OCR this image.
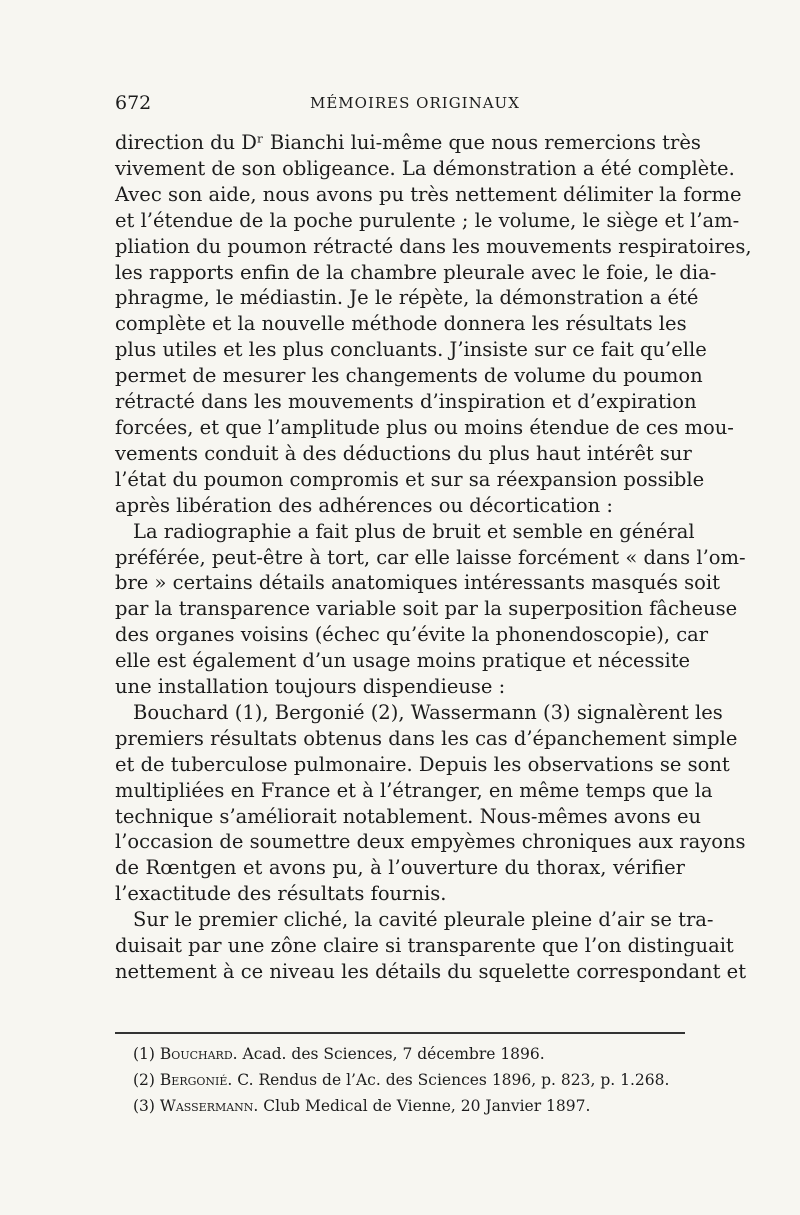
672	MÉMOIRES ORIGINAUX

direction du Dʳ Bianchi lui-même que nous remercions très
vivement de son obligeance. La démonstration a été complète.
Avec son aide, nous avons pu très nettement délimiter la forme
et l’étendue de la poche purulente ; le volume, le siège et l’am-
pliation du poumon rétracté dans les mouvements respiratoires,
les rapports enfin de la chambre pleurale avec le foie, le dia-
phragme, le médiastin. Je le répète, la démonstration a été
complète et la nouvelle méthode donnera les résultats les
plus utiles et les plus concluants. J’insiste sur ce fait qu’elle
permet de mesurer les changements de volume du poumon
rétracté dans les mouvements d’inspiration et d’expiration
forcées, et que l’amplitude plus ou moins étendue de ces mou-
vements conduit à des déductions du plus haut intérêt sur
l’état du poumon compromis et sur sa réexpansion possible
après libération des adhérences ou décortication :

La radiographie a fait plus de bruit et semble en général
préférée, peut-être à tort, car elle laisse forcément « dans l’om-
bre » certains détails anatomiques intéressants masqués soit
par la transparence variable soit par la superposition fâcheuse
des organes voisins (échec qu’évite la phonendoscopie), car
elle est également d’un usage moins pratique et nécessite
une installation toujours dispendieuse :

Bouchard (1), Bergonié (2), Wassermann (3) signalèrent les
premiers résultats obtenus dans les cas d’épanchement simple
et de tuberculose pulmonaire. Depuis les observations se sont
multipliées en France et à l’étranger, en même temps que la
technique s’améliorait notablement. Nous-mêmes avons eu
l’occasion de soumettre deux empyèmes chroniques aux rayons
de Rœntgen et avons pu, à l’ouverture du thorax, vérifier
l’exactitude des résultats fournis.

Sur le premier cliché, la cavité pleurale pleine d’air se tra-
duisait par une zône claire si transparente que l’on distinguait
nettement à ce niveau les détails du squelette correspondant et

(1) Bouchard. Acad. des Sciences, 7 décembre 1896.
(2) Bergonié. C. Rendus de l’Ac. des Sciences 1896, p. 823, p. 1.268.
(3) Wassermann. Club Medical de Vienne, 20 Janvier 1897.
